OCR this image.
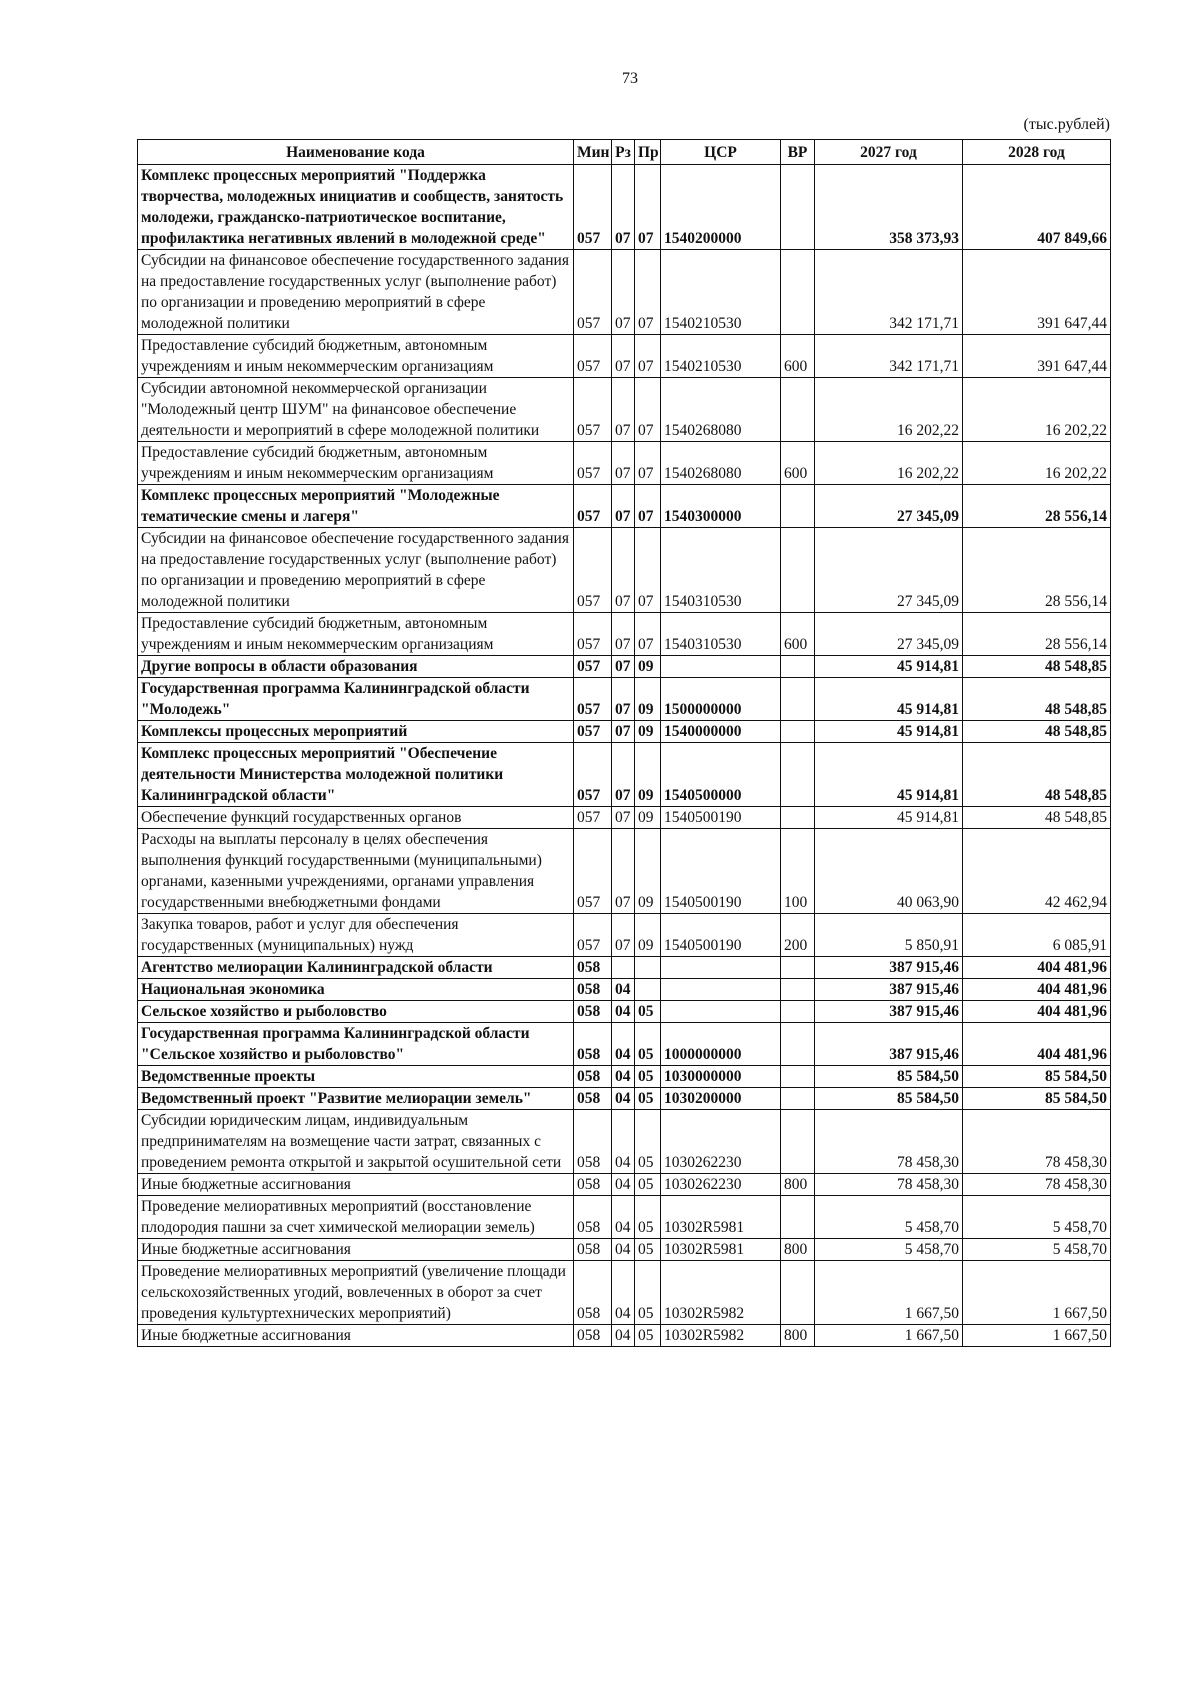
73
(тыс.рублей)
Наименование кода	Мин	Рз	Пр	ЦСР	ВР	2027 год	2028 год
Комплекс процессных мероприятий "Поддержка творчества, молодежных инициатив и сообществ, занятость молодежи, гражданско-патриотическое воспитание, профилактика негативных явлений в молодежной среде"	057	07	07	1540200000		358 373,93	407 849,66
Субсидии на финансовое обеспечение государственного задания на предоставление государственных услуг (выполнение работ) по организации и проведению мероприятий в сфере молодежной политики	057	07	07	1540210530		342 171,71	391 647,44
Предоставление субсидий бюджетным, автономным учреждениям и иным некоммерческим организациям	057	07	07	1540210530	600	342 171,71	391 647,44
Субсидии автономной некоммерческой организации "Молодежный центр ШУМ" на финансовое обеспечение деятельности и мероприятий в сфере молодежной политики	057	07	07	1540268080		16 202,22	16 202,22
Предоставление субсидий бюджетным, автономным учреждениям и иным некоммерческим организациям	057	07	07	1540268080	600	16 202,22	16 202,22
Комплекс процессных мероприятий "Молодежные тематические смены и лагеря"	057	07	07	1540300000		27 345,09	28 556,14
Субсидии на финансовое обеспечение государственного задания на предоставление государственных услуг (выполнение работ) по организации и проведению мероприятий в сфере молодежной политики	057	07	07	1540310530		27 345,09	28 556,14
Предоставление субсидий бюджетным, автономным учреждениям и иным некоммерческим организациям	057	07	07	1540310530	600	27 345,09	28 556,14
Другие вопросы в области образования	057	07	09			45 914,81	48 548,85
Государственная программа Калининградской области "Молодежь"	057	07	09	1500000000		45 914,81	48 548,85
Комплексы процессных мероприятий	057	07	09	1540000000		45 914,81	48 548,85
Комплекс процессных мероприятий "Обеспечение деятельности Министерства молодежной политики Калининградской области"	057	07	09	1540500000		45 914,81	48 548,85
Обеспечение функций государственных органов	057	07	09	1540500190		45 914,81	48 548,85
Расходы на выплаты персоналу в целях обеспечения выполнения функций государственными (муниципальными) органами, казенными учреждениями, органами управления государственными внебюджетными фондами	057	07	09	1540500190	100	40 063,90	42 462,94
Закупка товаров, работ и услуг для обеспечения государственных (муниципальных) нужд	057	07	09	1540500190	200	5 850,91	6 085,91
Агентство мелиорации Калининградской области	058					387 915,46	404 481,96
Национальная экономика	058	04				387 915,46	404 481,96
Сельское хозяйство и рыболовство	058	04	05			387 915,46	404 481,96
Государственная программа Калининградской области "Сельское хозяйство и рыболовство"	058	04	05	1000000000		387 915,46	404 481,96
Ведомственные проекты	058	04	05	1030000000		85 584,50	85 584,50
Ведомственный проект "Развитие мелиорации земель"	058	04	05	1030200000		85 584,50	85 584,50
Субсидии юридическим лицам, индивидуальным предпринимателям на возмещение части затрат, связанных с проведением ремонта открытой и закрытой осушительной сети	058	04	05	1030262230		78 458,30	78 458,30
Иные бюджетные ассигнования	058	04	05	1030262230	800	78 458,30	78 458,30
Проведение мелиоративных мероприятий (восстановление плодородия пашни за счет химической мелиорации земель)	058	04	05	10302R5981		5 458,70	5 458,70
Иные бюджетные ассигнования	058	04	05	10302R5981	800	5 458,70	5 458,70
Проведение мелиоративных мероприятий (увеличение площади сельскохозяйственных угодий, вовлеченных в оборот за счет проведения культуртехнических мероприятий)	058	04	05	10302R5982		1 667,50	1 667,50
Иные бюджетные ассигнования	058	04	05	10302R5982	800	1 667,50	1 667,50
